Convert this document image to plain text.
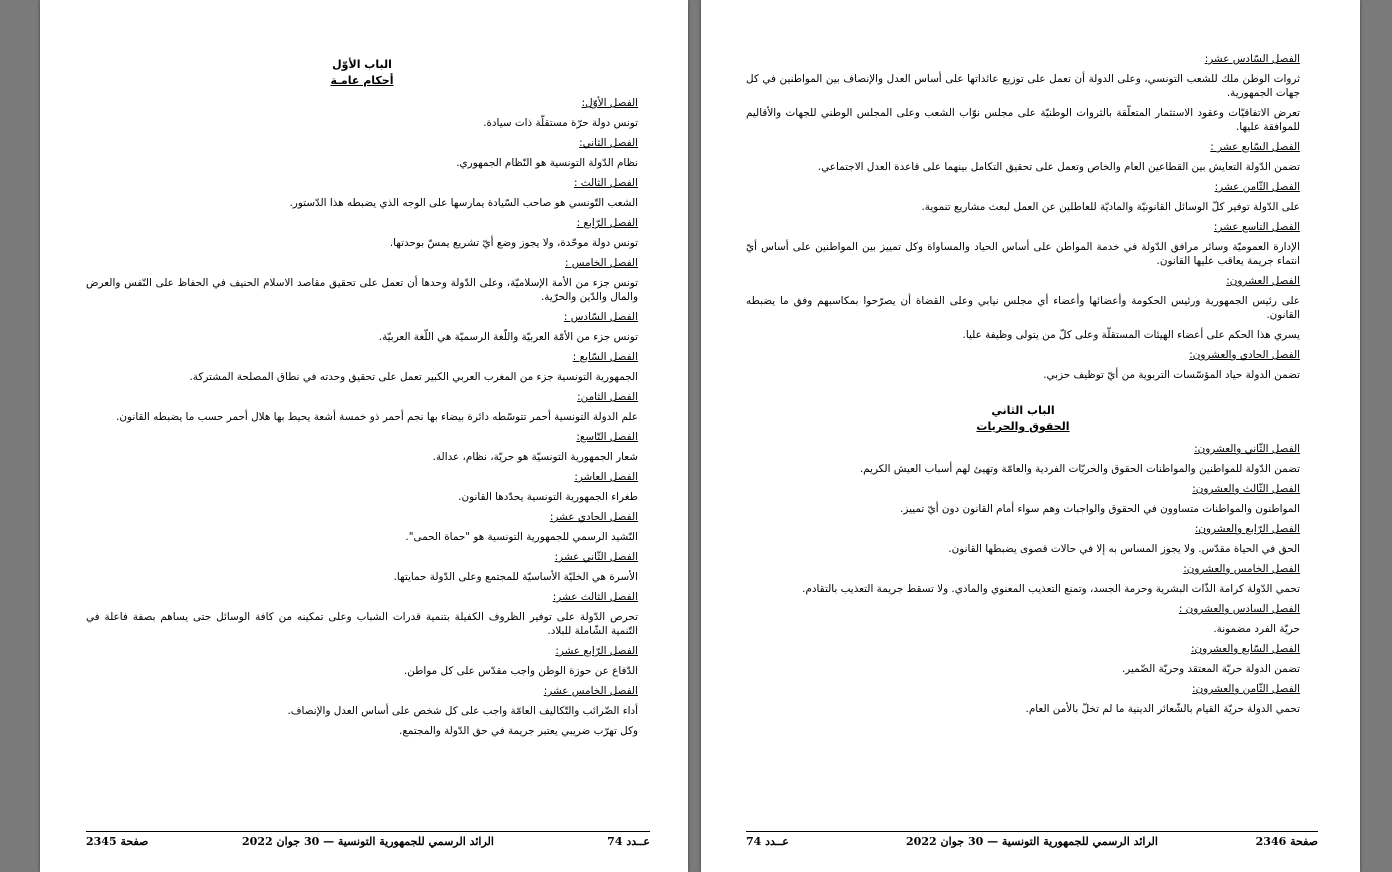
الباب الأوّل
أحكام عامـة
الفصل الأوّل:

تونس دولة حرّة مستقلّة ذات سيادة.

الفصل الثاني:

نظام الدّولة التونسية هو النّظام الجمهوري.

الفصل الثالث :

الشعب التّونسي هو صاحب السّيادة يمارسها على الوجه الذي يضبطه هذا الدّستور.

الفصل الرّابع :

تونس دولة موحّدة، ولا يجوز وضع أيّ تشريع يمسّ بوحدتها.

الفصل الخامس :

تونس جزء من الأمة الإسلاميّة، وعلى الدّولة وحدها أن تعمل على تحقيق مقاصد الاسلام الحنيف في الحفاظ على النّفس والعرض والمال والدّين والحرّية.

الفصل السّادس :

تونس جزء من الأمّة العربيّة واللّغة الرسميّة هي اللّغة العربيّة.

الفصل السّابع :

الجمهورية التونسية جزء من المغرب العربي الكبير تعمل على تحقيق وحدته في نطاق المصلحة المشتركة.

الفصل الثامن:

علم الدولة التونسية أحمر تتوسّطه دائرة بيضاء بها نجم أحمر ذو خمسة أشعة يحيط بها هلال أحمر حسب ما يضبطه القانون.

الفصل التّاسع:

شعار الجمهورية التونسيّة هو حريّة، نظام، عدالة.

الفصل العاشر:

طغراء الجمهورية التونسية يحدّدها القانون.

الفصل الحادي عشر:

النّشيد الرسمي للجمهورية التونسية هو "حماة الحمى".

الفصل الثّاني عشر:

الأسرة هي الخليّة الأساسيّة للمجتمع وعلى الدّولة حمايتها.

الفصل الثالث عشر:

تحرص الدّولة على توفير الظروف الكفيلة بتنمية قدرات الشباب وعلى تمكينه من كافة الوسائل حتى يساهم بصفة فاعلة في التّنمية الشّاملة للبلاد.

الفصل الرّابع عشر:

الدّفاع عن حوزة الوطن واجب مقدّس على كل مواطن.

الفصل الخامس عشر:

أداء الضّرائب والتّكاليف العامّة واجب على كل شخص على أساس العدل والإنصاف.

وكل تهرّب ضريبي يعتبر جريمة في حق الدّولة والمجتمع.

صفحة 2345	الرائد الرسمي للجمهورية التونسية — 30 جوان 2022	عــدد 74
الفصل السّادس عشر:

ثروات الوطن ملك للشعب التونسي، وعلى الدولة أن تعمل على توزيع عائداتها على أساس العدل والإنصاف بين المواطنين في كل جهات الجمهورية.

تعرض الاتفاقيّات وعقود الاستثمار المتعلّقة بالثروات الوطنيّة على مجلس نوّاب الشعب وعلى المجلس الوطني للجهات والأقاليم للموافقة عليها.

الفصل السّابع عشر :

تضمن الدّولة التعايش بين القطاعين العام والخاص وتعمل على تحقيق التكامل بينهما على قاعدة العدل الاجتماعي.

الفصل الثّامن عشر:

على الدّولة توفير كلّ الوسائل القانونيّة والماديّة للعاطلين عن العمل لبعث مشاريع تنموية.

الفصل التاسع عشر:

الإدارة العموميّة وسائر مرافق الدّولة في خدمة المواطن على أساس الحياد والمساواة وكل تمييز بين المواطنين على أساس أيّ انتماء جريمة يعاقب عليها القانون.

الفصل العشرون:

على رئيس الجمهورية ورئيس الحكومة وأعضائها وأعضاء أي مجلس نيابي وعلى القضاة أن يصرّحوا بمكاسبهم وفق ما يضبطه القانون.

يسري هذا الحكم على أعضاء الهيئات المستقلّة وعلى كلّ من يتولى وظيفة عليا.

الفصل الحادي والعشرون:

تضمن الدولة حياد المؤسّسات التربوية من أيّ توظيف حزبي.

الباب الثاني
الحقوق والحريات
الفصل الثّاني والعشرون:

تضمن الدّولة للمواطنين والمواطنات الحقوق والحريّات الفردية والعامّة وتهيئ لهم أسباب العيش الكريم.

الفصل الثّالث والعشرون:

المواطنون والمواطنات متساوون في الحقوق والواجبات وهم سواء أمام القانون دون أيّ تمييز.

الفصل الرّابع والعشرون:

الحق في الحياة مقدّس. ولا يجوز المساس به إلا في حالات قصوى يضبطها القانون.

الفصل الخامس والعشرون:

تحمي الدّولة كرامة الذّات البشرية وحرمة الجسد، وتمنع التعذيب المعنوي والمادي. ولا تسقط جريمة التعذيب بالتقادم.

الفصل السادس والعشرون :

حريّة الفرد مضمونة.

الفصل السّابع والعشرون:

تضمن الدولة حريّة المعتقد وحريّة الضّمير.

الفصل الثّامن والعشرون:

تحمي الدولة حريّة القيام بالشّعائر الدينية ما لم تخلّ بالأمن العام.

صفحة 2346
الرائد الرسمي للجمهورية التونسية — 30 جوان 2022
عــدد 74
